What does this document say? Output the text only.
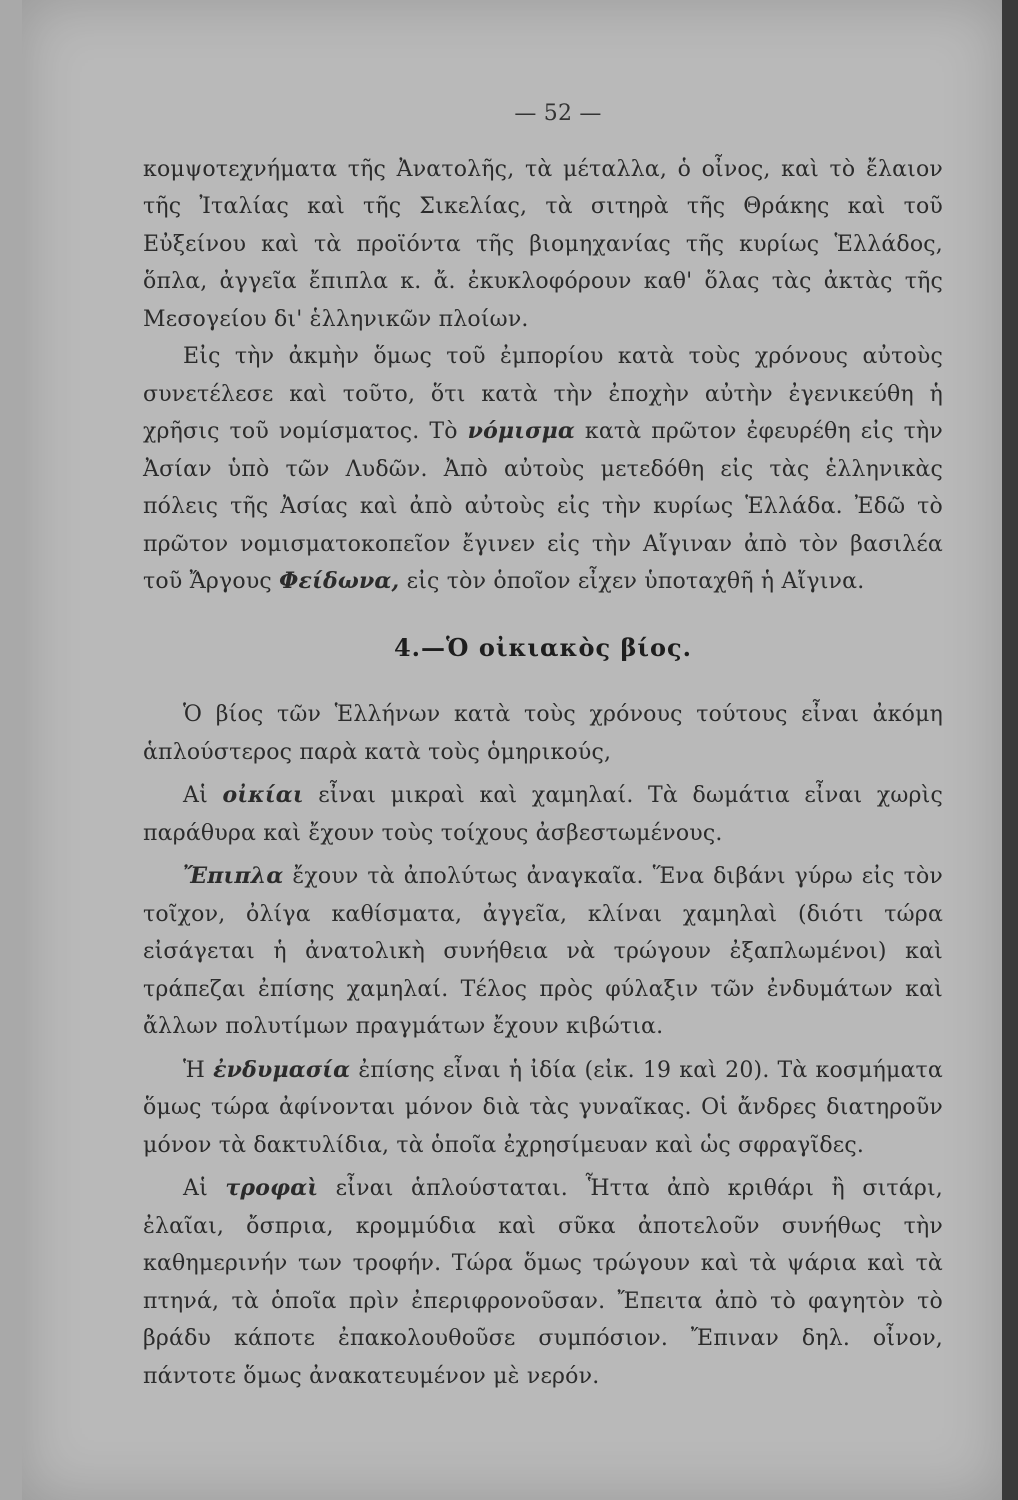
— 52 —

κομψοτεχνήματα τῆς Ἀνατολῆς, τὰ μέταλλα, ὁ οἶνος, καὶ τὸ ἔλαιον τῆς Ἰταλίας καὶ τῆς Σικελίας, τὰ σιτηρὰ τῆς Θράκης καὶ τοῦ Εὐξείνου καὶ τὰ προϊόντα τῆς βιομηχανίας τῆς κυρίως Ἑλλάδος, ὅπλα, ἀγγεῖα ἔπιπλα κ. ἄ. ἐκυκλοφόρουν καθ' ὅλας τὰς ἀκτὰς τῆς Μεσογείου δι' ἑλληνικῶν πλοίων.

Εἰς τὴν ἀκμὴν ὅμως τοῦ ἐμπορίου κατὰ τοὺς χρόνους αὐτοὺς συνετέλεσε καὶ τοῦτο, ὅτι κατὰ τὴν ἐποχὴν αὐτὴν ἐγενικεύθη ἡ χρῆσις τοῦ νομίσματος. Τὸ νόμισμα κατὰ πρῶτον ἐφευρέθη εἰς τὴν Ἀσίαν ὑπὸ τῶν Λυδῶν. Ἀπὸ αὐτοὺς μετεδόθη εἰς τὰς ἑλληνικὰς πόλεις τῆς Ἀσίας καὶ ἀπὸ αὐτοὺς εἰς τὴν κυρίως Ἑλλάδα. Ἐδῶ τὸ πρῶτον νομισματοκοπεῖον ἔγινεν εἰς τὴν Αἴγιναν ἀπὸ τὸν βασιλέα τοῦ Ἄργους Φείδωνα, εἰς τὸν ὁποῖον εἶχεν ὑποταχθῆ ἡ Αἴγινα.

4.—Ὁ οἰκιακὸς βίος.

Ὁ βίος τῶν Ἑλλήνων κατὰ τοὺς χρόνους τούτους εἶναι ἀκόμη ἁπλούστερος παρὰ κατὰ τοὺς ὁμηρικούς,

Αἱ οἰκίαι εἶναι μικραὶ καὶ χαμηλαί. Τὰ δωμάτια εἶναι χωρὶς παράθυρα καὶ ἔχουν τοὺς τοίχους ἀσβεστωμένους.

Ἔπιπλα ἔχουν τὰ ἀπολύτως ἀναγκαῖα. Ἕνα διβάνι γύρω εἰς τὸν τοῖχον, ὀλίγα καθίσματα, ἀγγεῖα, κλίναι χαμηλαὶ (διότι τώρα εἰσάγεται ἡ ἀνατολικὴ συνήθεια νὰ τρώγουν ἐξαπλωμένοι) καὶ τράπεζαι ἐπίσης χαμηλαί. Τέλος πρὸς φύλαξιν τῶν ἐνδυμάτων καὶ ἄλλων πολυτίμων πραγμάτων ἔχουν κιβώτια.

Ἡ ἐνδυμασία ἐπίσης εἶναι ἡ ἰδία (εἰκ. 19 καὶ 20). Τὰ κοσμήματα ὅμως τώρα ἀφίνονται μόνον διὰ τὰς γυναῖκας. Οἱ ἄνδρες διατηροῦν μόνον τὰ δακτυλίδια, τὰ ὁποῖα ἐχρησίμευαν καὶ ὡς σφραγῖδες.

Αἱ τροφαὶ εἶναι ἁπλούσταται. Ἧττα ἀπὸ κριθάρι ἢ σιτάρι, ἐλαῖαι, ὄσπρια, κρομμύδια καὶ σῦκα ἀποτελοῦν συνήθως τὴν καθημερινήν των τροφήν. Τώρα ὅμως τρώγουν καὶ τὰ ψάρια καὶ τὰ πτηνά, τὰ ὁποῖα πρὶν ἐπεριφρονοῦσαν. Ἔπειτα ἀπὸ τὸ φαγητὸν τὸ βράδυ κάποτε ἐπακολουθοῦσε συμπόσιον. Ἔπιναν δηλ. οἶνον, πάντοτε ὅμως ἀνακατευμένον μὲ νερόν.
